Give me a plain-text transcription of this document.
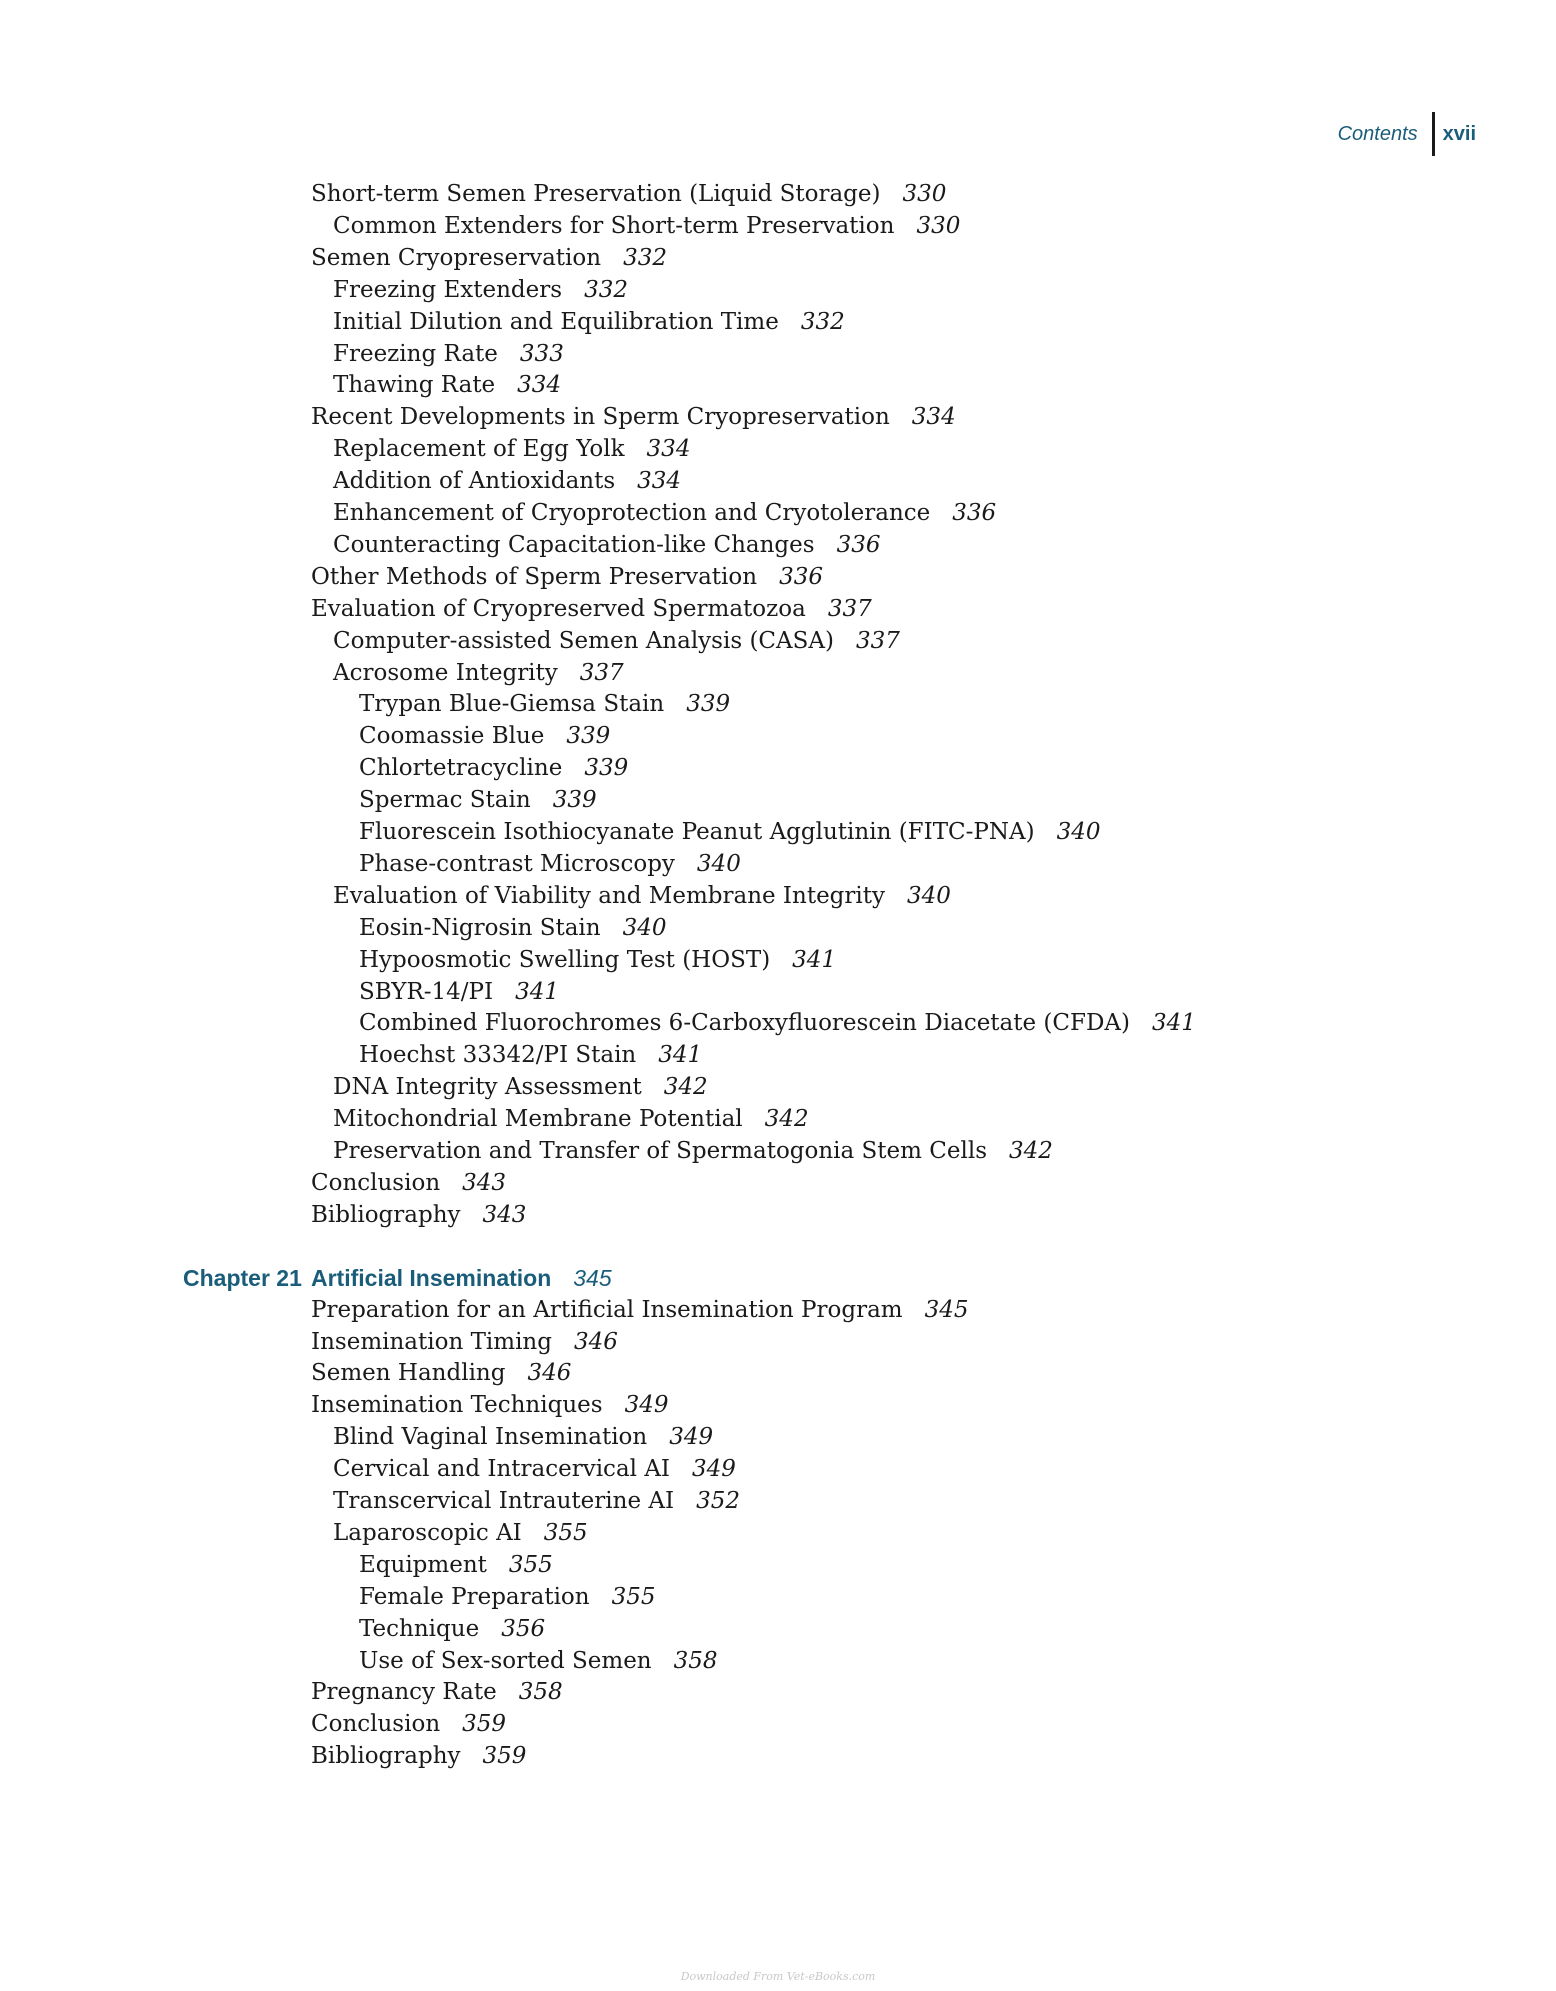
Contents	xvii
Short-term Semen Preservation (Liquid Storage) 330
Common Extenders for Short-term Preservation 330
Semen Cryopreservation 332
Freezing Extenders 332
Initial Dilution and Equilibration Time 332
Freezing Rate 333
Thawing Rate 334
Recent Developments in Sperm Cryopreservation 334
Replacement of Egg Yolk 334
Addition of Antioxidants 334
Enhancement of Cryoprotection and Cryotolerance 336
Counteracting Capacitation-like Changes 336
Other Methods of Sperm Preservation 336
Evaluation of Cryopreserved Spermatozoa 337
Computer-assisted Semen Analysis (CASA) 337
Acrosome Integrity 337
Trypan Blue-Giemsa Stain 339
Coomassie Blue 339
Chlortetracycline 339
Spermac Stain 339
Fluorescein Isothiocyanate Peanut Agglutinin (FITC-PNA) 340
Phase-contrast Microscopy 340
Evaluation of Viability and Membrane Integrity 340
Eosin-Nigrosin Stain 340
Hypoosmotic Swelling Test (HOST) 341
SBYR-14/PI 341
Combined Fluorochromes 6-Carboxyfluorescein Diacetate (CFDA) 341
Hoechst 33342/PI Stain 341
DNA Integrity Assessment 342
Mitochondrial Membrane Potential 342
Preservation and Transfer of Spermatogonia Stem Cells 342
Conclusion 343
Bibliography 343
Chapter 21 Artificial Insemination 345
Preparation for an Artificial Insemination Program 345
Insemination Timing 346
Semen Handling 346
Insemination Techniques 349
Blind Vaginal Insemination 349
Cervical and Intracervical AI 349
Transcervical Intrauterine AI 352
Laparoscopic AI 355
Equipment 355
Female Preparation 355
Technique 356
Use of Sex-sorted Semen 358
Pregnancy Rate 358
Conclusion 359
Bibliography 359
Downloaded From Vet-eBooks.com
